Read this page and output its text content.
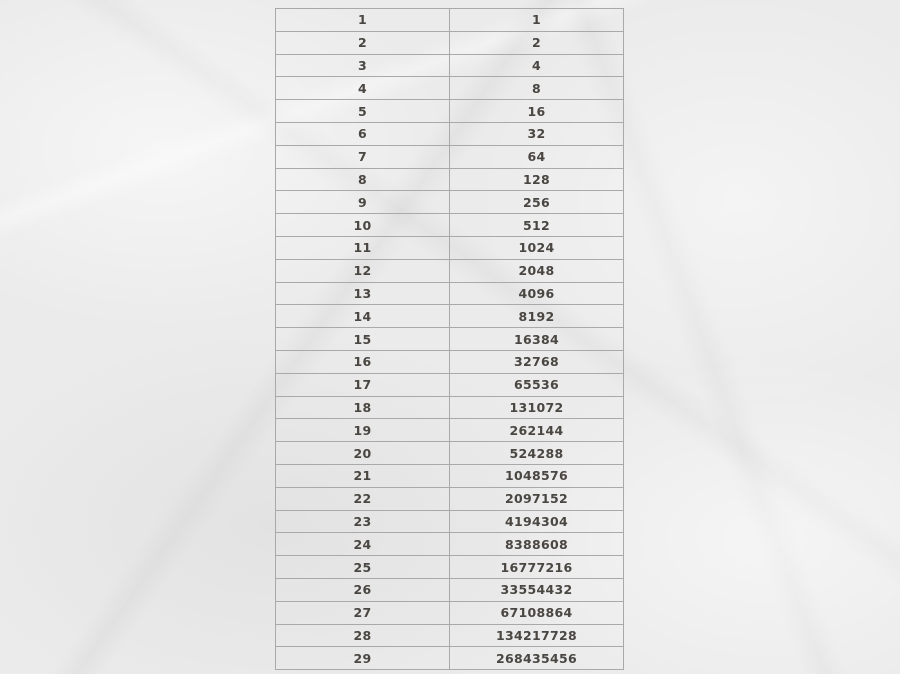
1	1
2	2
3	4
4	8
5	16
6	32
7	64
8	128
9	256
10	512
11	1024
12	2048
13	4096
14	8192
15	16384
16	32768
17	65536
18	131072
19	262144
20	524288
21	1048576
22	2097152
23	4194304
24	8388608
25	16777216
26	33554432
27	67108864
28	134217728
29	268435456
